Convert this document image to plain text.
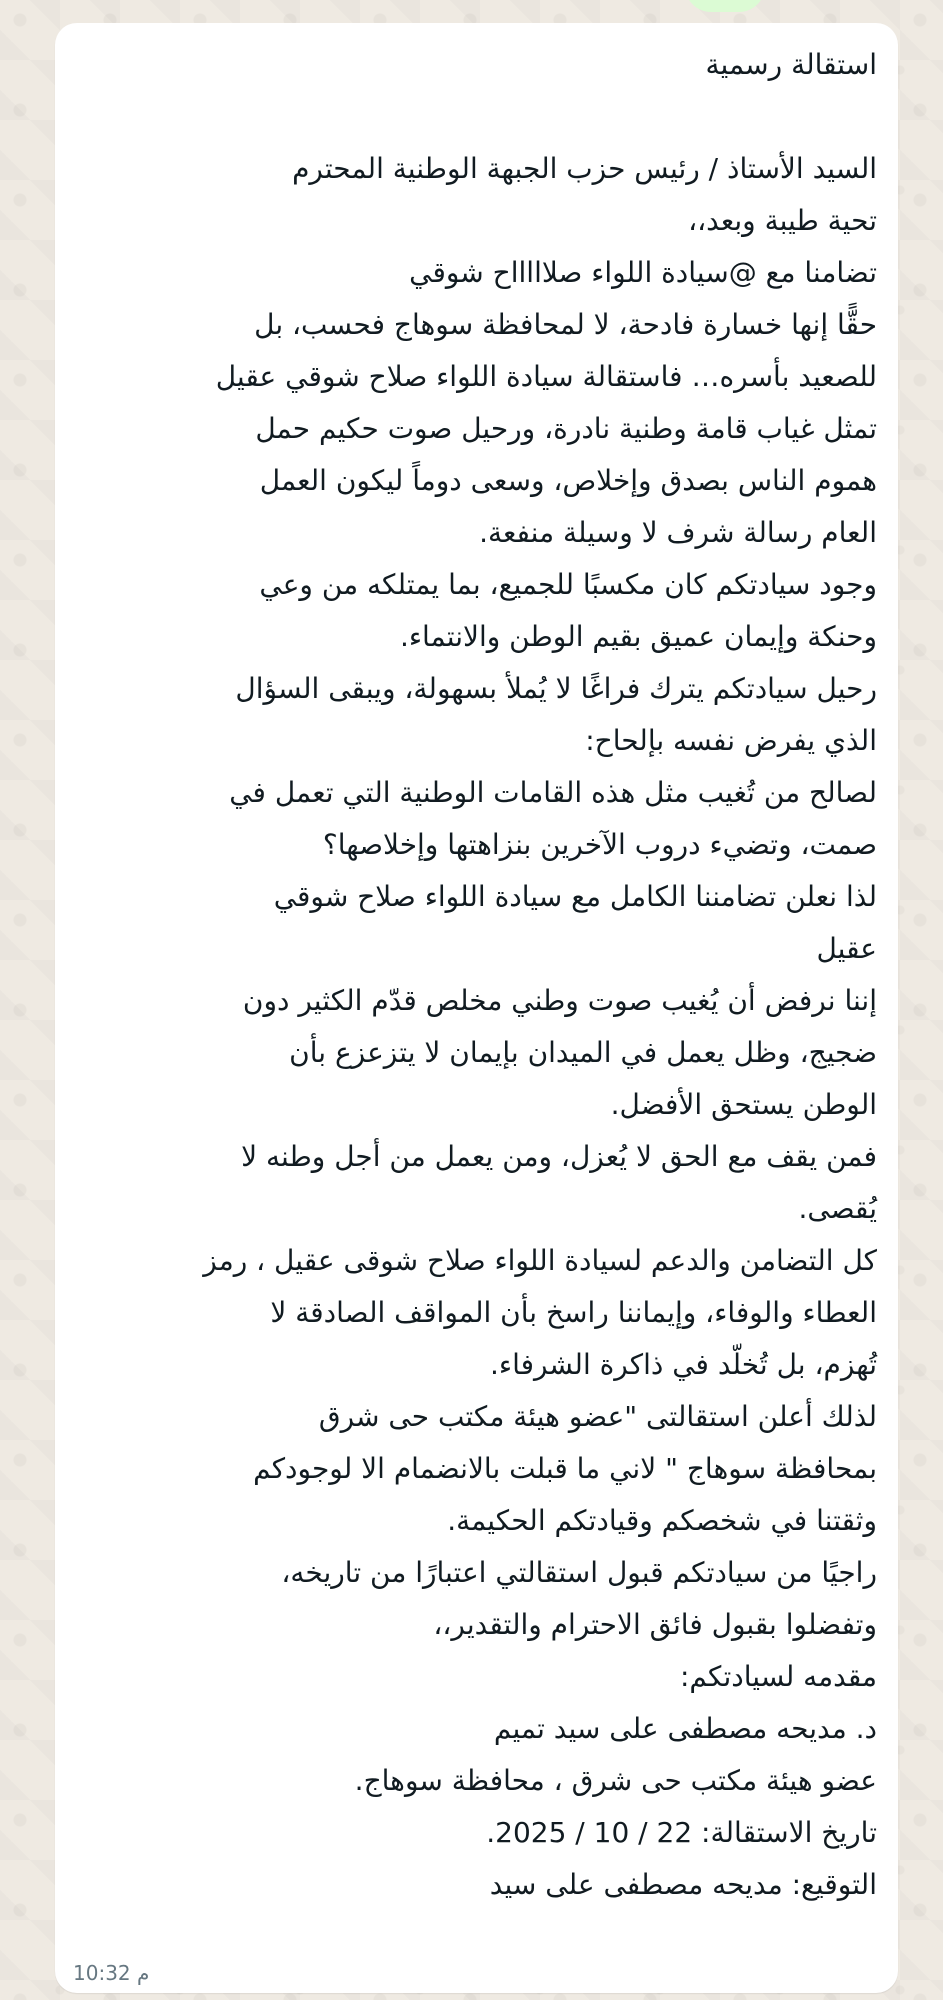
استقالة رسمية
السيد الأستاذ / رئيس حزب الجبهة الوطنية المحترم
تحية طيبة وبعد،،
تضامنا مع @سيادة اللواء صلاااااح شوقي
حقًّا إنها خسارة فادحة، لا لمحافظة سوهاج فحسب، بل
للصعيد بأسره… فاستقالة سيادة اللواء صلاح شوقي عقيل
تمثل غياب قامة وطنية نادرة، ورحيل صوت حكيم حمل
هموم الناس بصدق وإخلاص، وسعى دوماً ليكون العمل
العام رسالة شرف لا وسيلة منفعة.
وجود سيادتكم كان مكسبًا للجميع، بما يمتلكه من وعي
وحنكة وإيمان عميق بقيم الوطن والانتماء.
رحيل سيادتكم يترك فراغًا لا يُملأ بسهولة، ويبقى السؤال
الذي يفرض نفسه بإلحاح:
لصالح من تُغيب مثل هذه القامات الوطنية التي تعمل في
صمت، وتضيء دروب الآخرين بنزاهتها وإخلاصها؟
لذا نعلن تضامننا الكامل مع سيادة اللواء صلاح شوقي
عقيل
إننا نرفض أن يُغيب صوت وطني مخلص قدّم الكثير دون
ضجيج، وظل يعمل في الميدان بإيمان لا يتزعزع بأن
الوطن يستحق الأفضل.
فمن يقف مع الحق لا يُعزل، ومن يعمل من أجل وطنه لا
يُقصى.
كل التضامن والدعم لسيادة اللواء صلاح شوقى عقيل ، رمز
العطاء والوفاء، وإيماننا راسخ بأن المواقف الصادقة لا
تُهزم، بل تُخلّد في ذاكرة الشرفاء.
لذلك أعلن استقالتى "عضو هيئة مكتب حى شرق
بمحافظة سوهاج " لاني ما قبلت بالانضمام الا لوجودكم
وثقتنا في شخصكم وقيادتكم الحكيمة.
راجيًا من سيادتكم قبول استقالتي اعتبارًا من تاريخه،
وتفضلوا بقبول فائق الاحترام والتقدير،،
مقدمه لسيادتكم:
د. مديحه مصطفى على سيد تميم
عضو هيئة مكتب حى شرق ، محافظة سوهاج.
تاريخ الاستقالة: 22 / 10 / 2025.
التوقيع: مديحه مصطفى على سيد
10:32 م
